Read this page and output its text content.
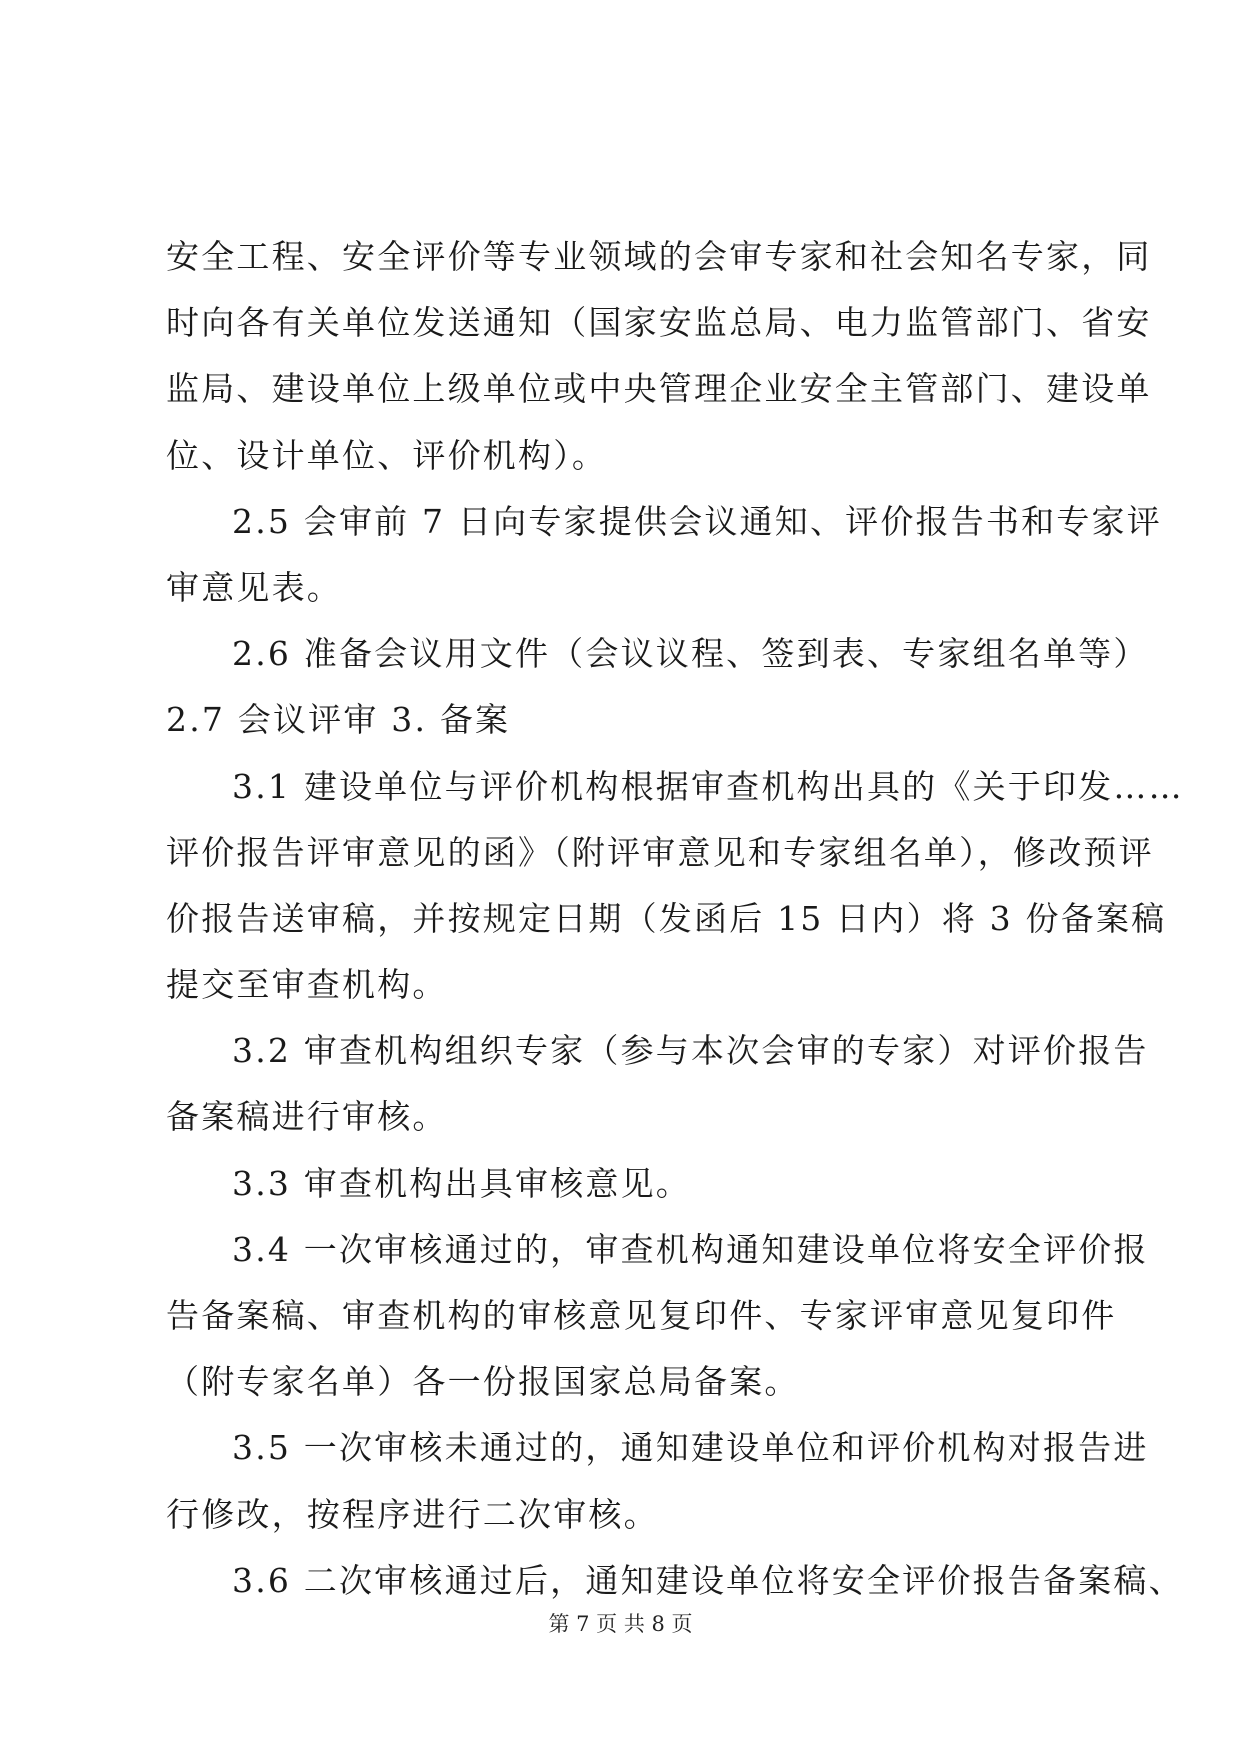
安全工程、安全评价等专业领域的会审专家和社会知名专家，同
时向各有关单位发送通知（国家安监总局、电力监管部门、省安
监局、建设单位上级单位或中央管理企业安全主管部门、建设单
位、设计单位、评价机构）。
2.5 会审前 7 日向专家提供会议通知、评价报告书和专家评
审意见表。
2.6 准备会议用文件（会议议程、签到表、专家组名单等）
2.7 会议评审 3. 备案
3.1 建设单位与评价机构根据审查机构出具的《关于印发……
评价报告评审意见的函》（附评审意见和专家组名单），修改预评
价报告送审稿，并按规定日期（发函后 15 日内）将 3 份备案稿
提交至审查机构。
3.2 审查机构组织专家（参与本次会审的专家）对评价报告
备案稿进行审核。
3.3 审查机构出具审核意见。
3.4 一次审核通过的，审查机构通知建设单位将安全评价报
告备案稿、审查机构的审核意见复印件、专家评审意见复印件
（附专家名单）各一份报国家总局备案。
3.5 一次审核未通过的，通知建设单位和评价机构对报告进
行修改，按程序进行二次审核。
3.6 二次审核通过后，通知建设单位将安全评价报告备案稿、
第 7 页 共 8 页
